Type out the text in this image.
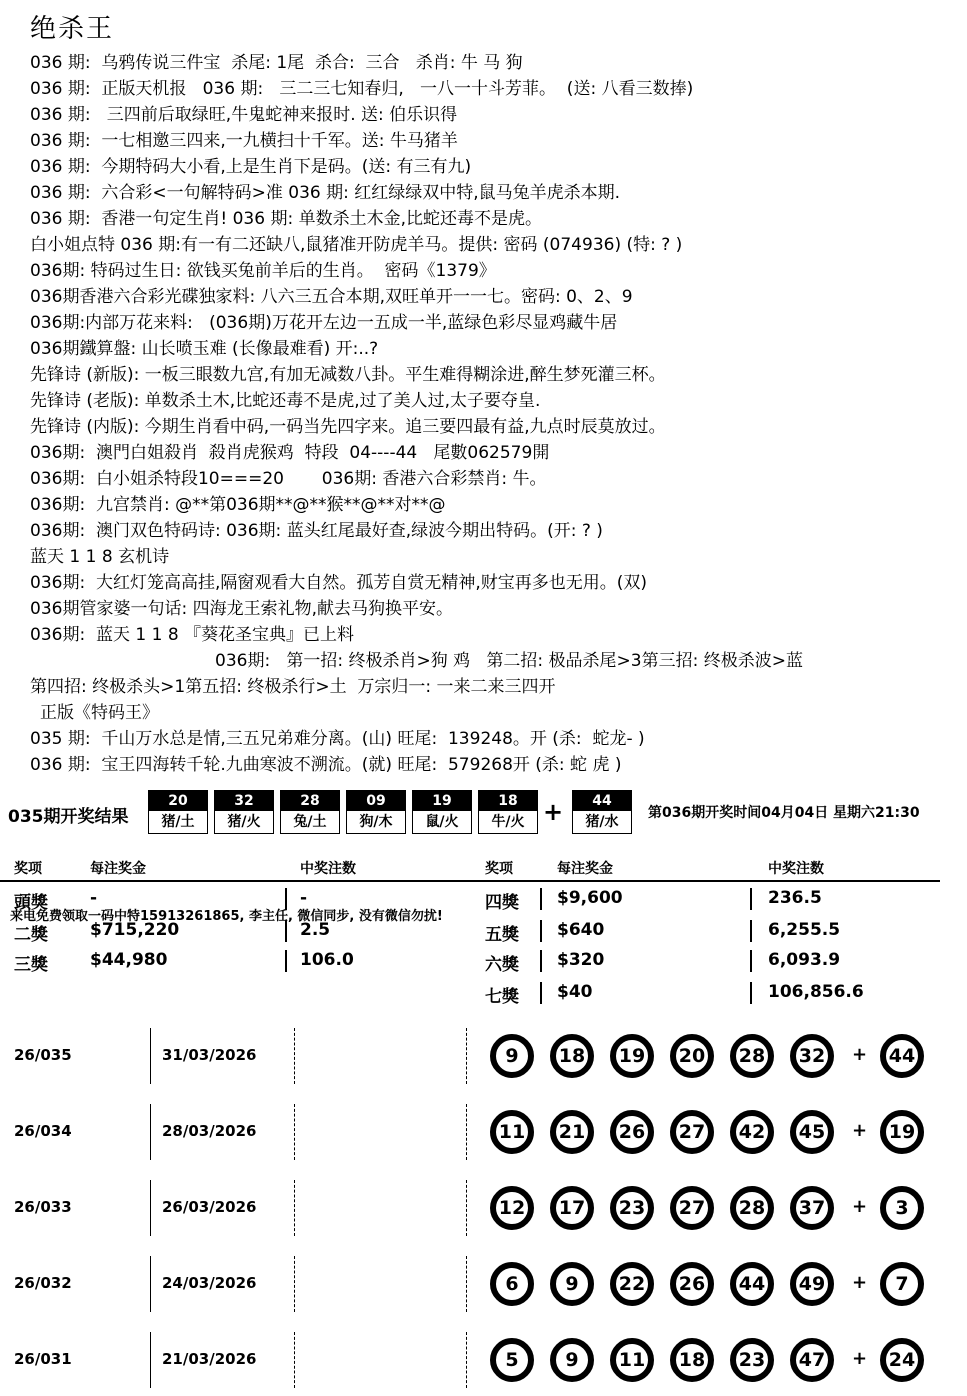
绝杀王
036 期:  乌鸦传说三件宝  杀尾: 1尾  杀合:  三合   杀肖: 牛 马 狗
036 期:  正版天机报   036 期:   三二三七知春归,   一八一十斗芳菲。  (送: 八看三数捧)
036 期:   三四前后取绿旺,牛鬼蛇神来报时. 送: 伯乐识得
036 期:  一七相邀三四来,一九横扫十千军。送: 牛马猪羊
036 期:  今期特码大小看,上是生肖下是码。(送: 有三有九)
036 期:  六合彩<一句解特码>准 036 期: 红红绿绿双中特,鼠马兔羊虎杀本期.
036 期:  香港一句定生肖! 036 期: 单数杀土木金,比蛇还毒不是虎。
白小姐点特 036 期:有一有二还缺八,鼠猪准开防虎羊马。提供: 密码 (074936) (特: ? )
036期: 特码过生日: 欲钱买兔前羊后的生肖。  密码《1379》
036期香港六合彩光碟独家料: 八六三五合本期,双旺单开一一七。密码: 0、2、9
036期:内部万花来料:   (036期)万花开左边一五成一半,蓝绿色彩尽显鸡藏牛居
036期鐵算盤: 山长喷玉难 (长像最难看) 开:..?
先锋诗 (新版): 一板三眼数九宫,有加无减数八卦。平生难得糊涂进,醉生梦死灌三杯。
先锋诗 (老版): 单数杀土木,比蛇还毒不是虎,过了美人过,太子要夺皇.
先锋诗 (内版): 今期生肖看中码,一码当先四字来。追三要四最有益,九点时辰莫放过。
036期:  澳門白姐殺肖  殺肖虎猴鸡  特段  04----44   尾數062579開
036期:  白小姐杀特段10===20       036期: 香港六合彩禁肖: 牛。
036期:  九宫禁肖: @**第036期**@**猴**@**对**@
036期:  澳门双色特码诗: 036期: 蓝头红尾最好查,绿波今期出特码。(开: ? )
蓝天 1 1 8 玄机诗
036期:  大红灯笼高高挂,隔窗观看大自然。孤芳自赏无精神,财宝再多也无用。(双)
036期管家婆一句话: 四海龙王索礼物,献去马狗换平安。
036期:  蓝天 1 1 8 『葵花圣宝典』已上料
036期:   第一招: 终极杀肖>狗 鸡   第二招: 极品杀尾>3第三招: 终极杀波>蓝
第四招: 终极杀头>1第五招: 终极杀行>土  万宗归一: 一来二来三四开
正版《特码王》
035 期:  千山万水总是情,三五兄弟难分离。(山) 旺尾:  139248。开 (杀:  蛇龙- )
036 期:  宝王四海转千轮.九曲寒波不溯流。(就) 旺尾:  579268开 (杀: 蛇 虎 )
035期开奖结果
20
猪/土
32
猪/火
28
兔/土
09
狗/木
19
鼠/火
18
牛/火 +	44
猪/水
第036期开奖时间04月04日 星期六21:30
奖项	每注奖金	中奖注数	奖项	每注奖金	中奖注数
頭獎 -	-
二獎 $715,220	2.5
三獎 $44,980	106.0
四獎 $9,600	236.5
五獎 $640	6,255.5
六獎 $320	6,093.9
七獎 $40	106,856.6
来电免费领取一码中特15913261865, 李主任, 微信同步, 没有微信勿扰!
26/035	31/03/2026	9	18	19	20	28	32	+	44
26/034	28/03/2026	11	21	26	27	42	45	+	19
26/033	26/03/2026	12	17	23	27	28	37	+	3
26/032	24/03/2026	6	9	22	26	44	49	+	7
26/031	21/03/2026	5	9	11	18	23	47	+	24
